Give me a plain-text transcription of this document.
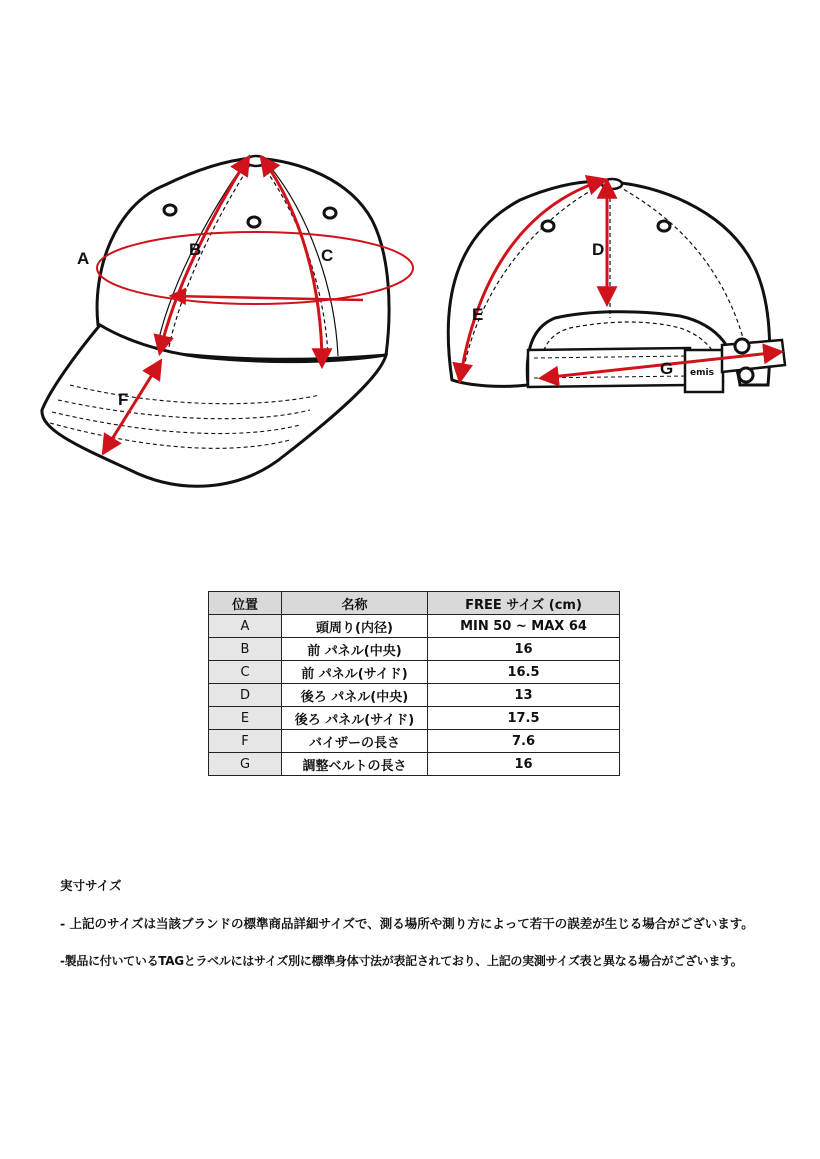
A	B	C
F
emis
D
E
G
位置	名称	FREE サイズ (cm)
A	頭周り(内径)	MIN 50 ~ MAX 64
B	前 パネル(中央)	16
C	前 パネル(サイド)	16.5
D	後ろ パネル(中央)	13
E	後ろ パネル(サイド)	17.5
F	バイザーの長さ	7.6
G	調整ベルトの長さ	16

実寸サイズ

- 上記のサイズは当該ブランドの標準商品詳細サイズで、測る場所や測り方によって若干の誤差が生じる場合がございます。

-製品に付いているTAGとラベルにはサイズ別に標準身体寸法が表記されており、上記の実測サイズ表と異なる場合がございます。
